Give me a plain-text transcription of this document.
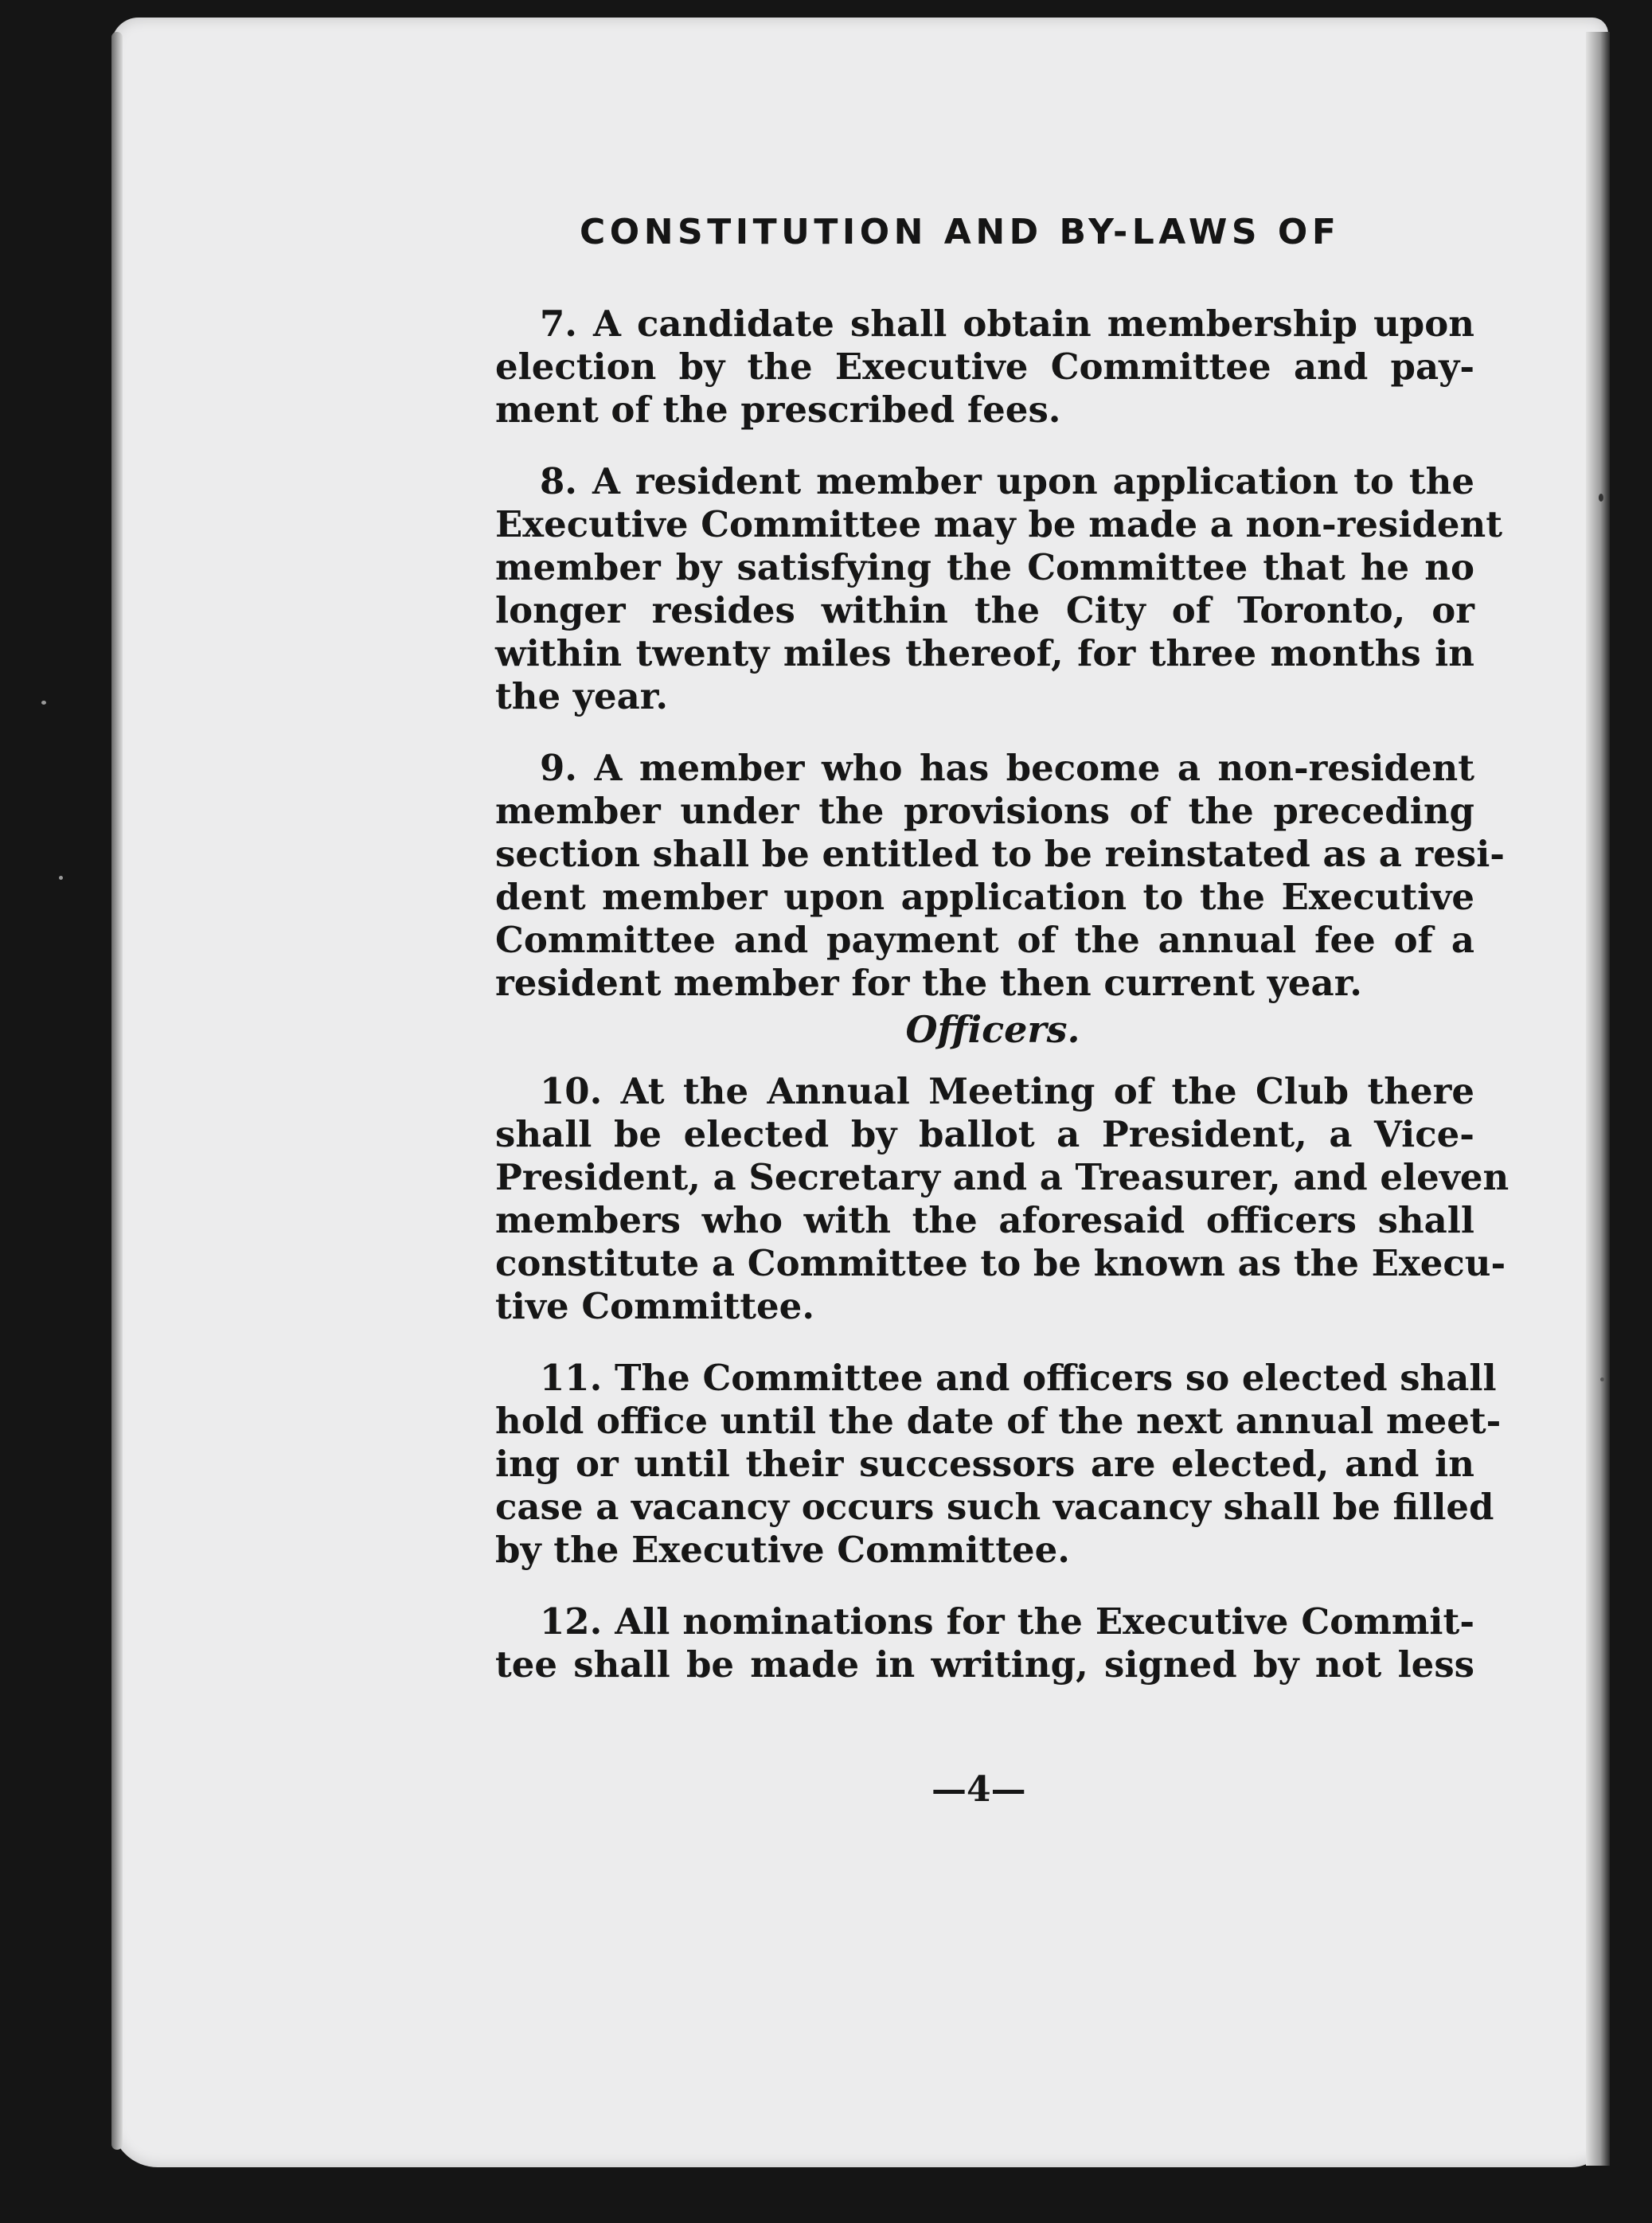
CONSTITUTION AND BY-LAWS OF
7. A candidate shall obtain membership upon
election by the Executive Committee and pay-
ment of the prescribed fees.
8. A resident member upon application to the
Executive Committee may be made a non-resident
member by satisfying the Committee that he no
longer resides within the City of Toronto, or
within twenty miles thereof, for three months in
the year.
9. A member who has become a non-resident
member under the provisions of the preceding
section shall be entitled to be reinstated as a resi-
dent member upon application to the Executive
Committee and payment of the annual fee of a
resident member for the then current year.
Officers.
10. At the Annual Meeting of the Club there
shall be elected by ballot a President, a Vice-
President, a Secretary and a Treasurer, and eleven
members who with the aforesaid officers shall
constitute a Committee to be known as the Execu-
tive Committee.
11. The Committee and officers so elected shall
hold office until the date of the next annual meet-
ing or until their successors are elected, and in
case a vacancy occurs such vacancy shall be filled
by the Executive Committee.
12. All nominations for the Executive Commit-
tee shall be made in writing, signed by not less
—4—
